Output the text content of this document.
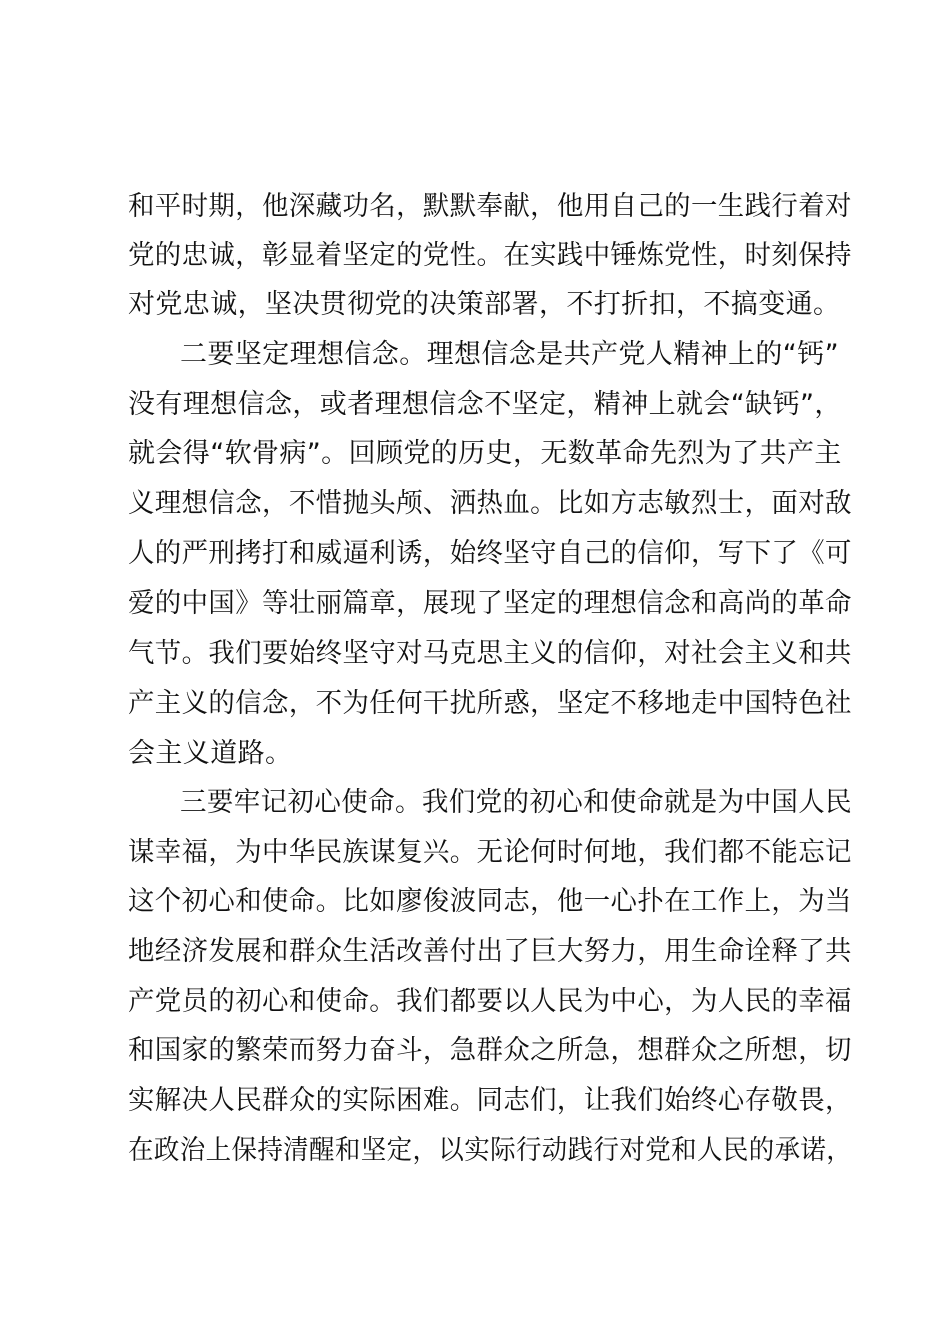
和平时期，他深藏功名，默默奉献，他用自己的一生践行着对
党的忠诚，彰显着坚定的党性。在实践中锤炼党性，时刻保持
对党忠诚，坚决贯彻党的决策部署，不打折扣，不搞变通。
二要坚定理想信念。理想信念是共产党人精神上的“钙”
没有理想信念，或者理想信念不坚定，精神上就会“缺钙”，
就会得“软骨病”。回顾党的历史，无数革命先烈为了共产主
义理想信念，不惜抛头颅、洒热血。比如方志敏烈士，面对敌
人的严刑拷打和威逼利诱，始终坚守自己的信仰，写下了《可
爱的中国》等壮丽篇章，展现了坚定的理想信念和高尚的革命
气节。我们要始终坚守对马克思主义的信仰，对社会主义和共
产主义的信念，不为任何干扰所惑，坚定不移地走中国特色社
会主义道路。
三要牢记初心使命。我们党的初心和使命就是为中国人民
谋幸福，为中华民族谋复兴。无论何时何地，我们都不能忘记
这个初心和使命。比如廖俊波同志，他一心扑在工作上，为当
地经济发展和群众生活改善付出了巨大努力，用生命诠释了共
产党员的初心和使命。我们都要以人民为中心，为人民的幸福
和国家的繁荣而努力奋斗，急群众之所急，想群众之所想，切
实解决人民群众的实际困难。同志们，让我们始终心存敬畏，
在政治上保持清醒和坚定，以实际行动践行对党和人民的承诺，
